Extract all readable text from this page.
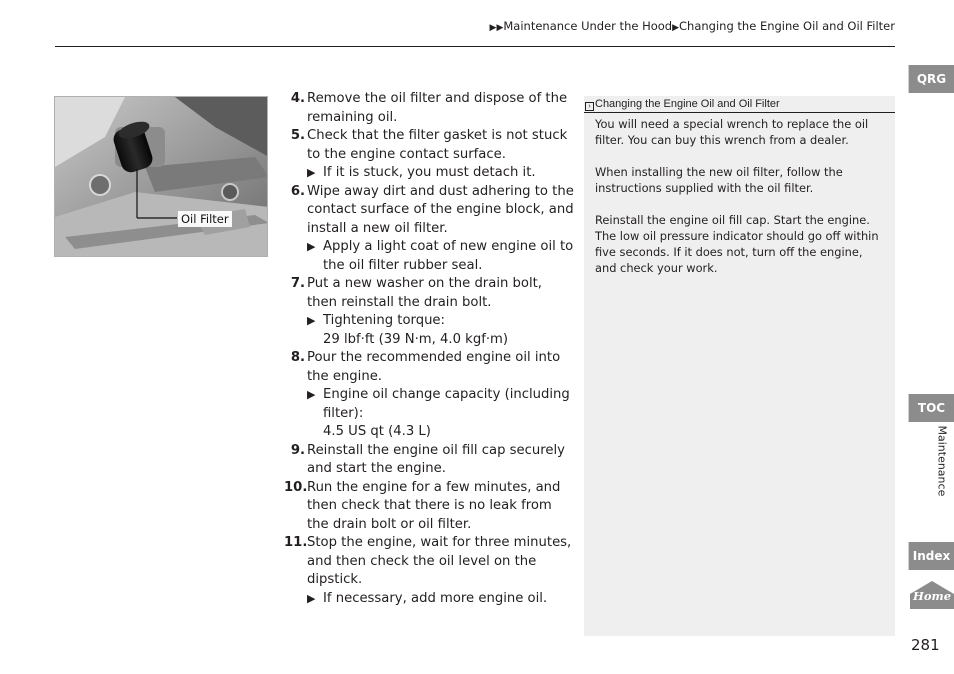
▶▶Maintenance Under the Hood▶Changing the Engine Oil and Oil Filter
Oil Filter
4. Remove the oil filter and dispose of the remaining oil.
5. Check that the filter gasket is not stuck to the engine contact surface.
▶ If it is stuck, you must detach it.
6. Wipe away dirt and dust adhering to the contact surface of the engine block, and install a new oil filter.
▶ Apply a light coat of new engine oil to the oil filter rubber seal.
7. Put a new washer on the drain bolt, then reinstall the drain bolt.
▶ Tightening torque:
29 lbf·ft (39 N·m, 4.0 kgf·m)
8. Pour the recommended engine oil into the engine.
▶ Engine oil change capacity (including filter):
4.5 US qt (4.3 L)
9. Reinstall the engine oil fill cap securely and start the engine.
10. Run the engine for a few minutes, and then check that there is no leak from the drain bolt or oil filter.
11. Stop the engine, wait for three minutes, and then check the oil level on the dipstick.
▶ If necessary, add more engine oil.
› Changing the Engine Oil and Oil Filter

You will need a special wrench to replace the oil filter. You can buy this wrench from a dealer.

When installing the new oil filter, follow the instructions supplied with the oil filter.

Reinstall the engine oil fill cap. Start the engine. The low oil pressure indicator should go off within five seconds. If it does not, turn off the engine, and check your work.

QRG
TOC
Maintenance
Index
Home
281
